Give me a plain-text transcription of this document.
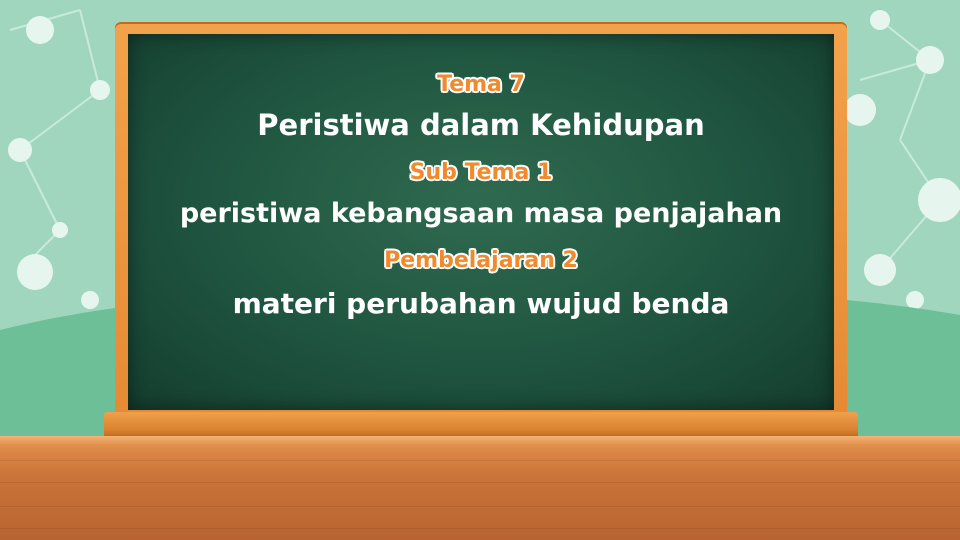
Tema 7

Peristiwa dalam Kehidupan

Sub Tema 1

peristiwa kebangsaan masa penjajahan

Pembelajaran 2

materi perubahan wujud benda
